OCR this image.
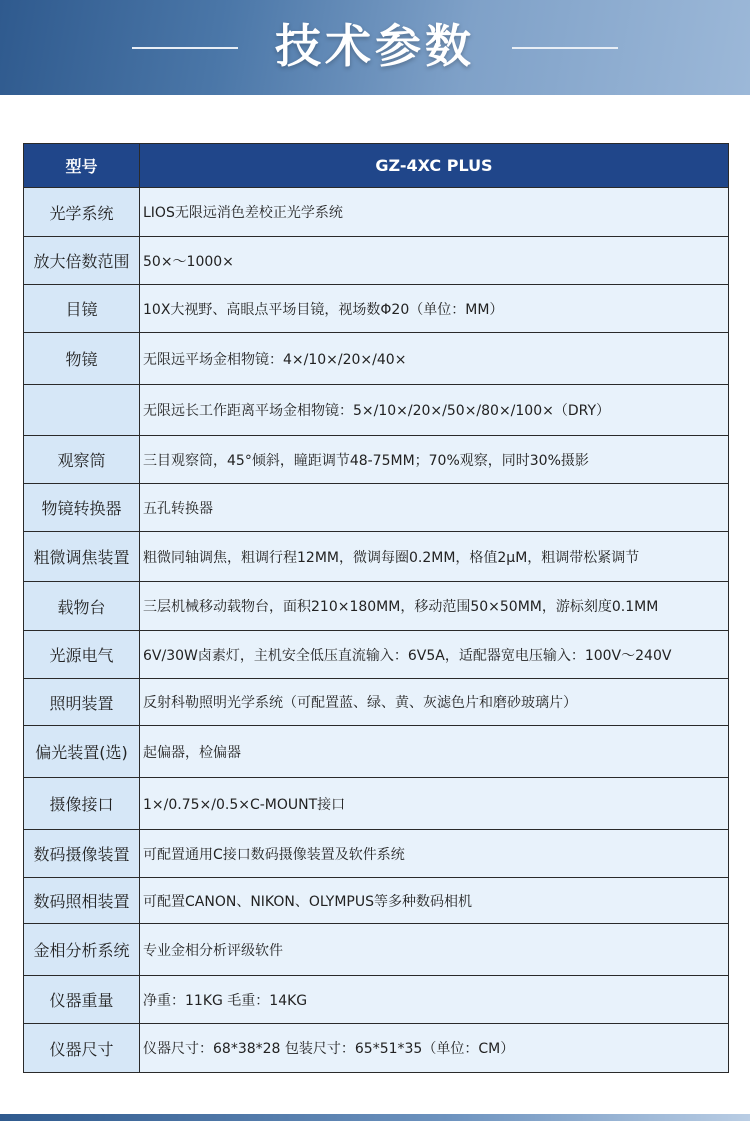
技术参数
型号	GZ-4XC PLUS
光学系统	LIOS无限远消色差校正光学系统
放大倍数范围	50×～1000×
目镜	10X大视野、高眼点平场目镜，视场数Φ20（单位：MM）
物镜	无限远平场金相物镜：4×/10×/20×/40×
	无限远长工作距离平场金相物镜：5×/10×/20×/50×/80×/100×（DRY）
观察筒	三目观察筒，45°倾斜，瞳距调节48-75MM；70%观察，同时30%摄影
物镜转换器	五孔转换器
粗微调焦装置	粗微同轴调焦，粗调行程12MM，微调每圈0.2MM，格值2μM，粗调带松紧调节
载物台	三层机械移动载物台，面积210×180MM，移动范围50×50MM，游标刻度0.1MM
光源电气	6V/30W卤素灯，主机安全低压直流输入：6V5A，适配器宽电压输入：100V～240V
照明装置	反射科勒照明光学系统（可配置蓝、绿、黄、灰滤色片和磨砂玻璃片）
偏光装置(选)	起偏器，检偏器
摄像接口	1×/0.75×/0.5×C-MOUNT接口
数码摄像装置	可配置通用C接口数码摄像装置及软件系统
数码照相装置	可配置CANON、NIKON、OLYMPUS等多种数码相机
金相分析系统	专业金相分析评级软件
仪器重量	净重：11KG 毛重：14KG
仪器尺寸	仪器尺寸：68*38*28 包装尺寸：65*51*35（单位：CM）
